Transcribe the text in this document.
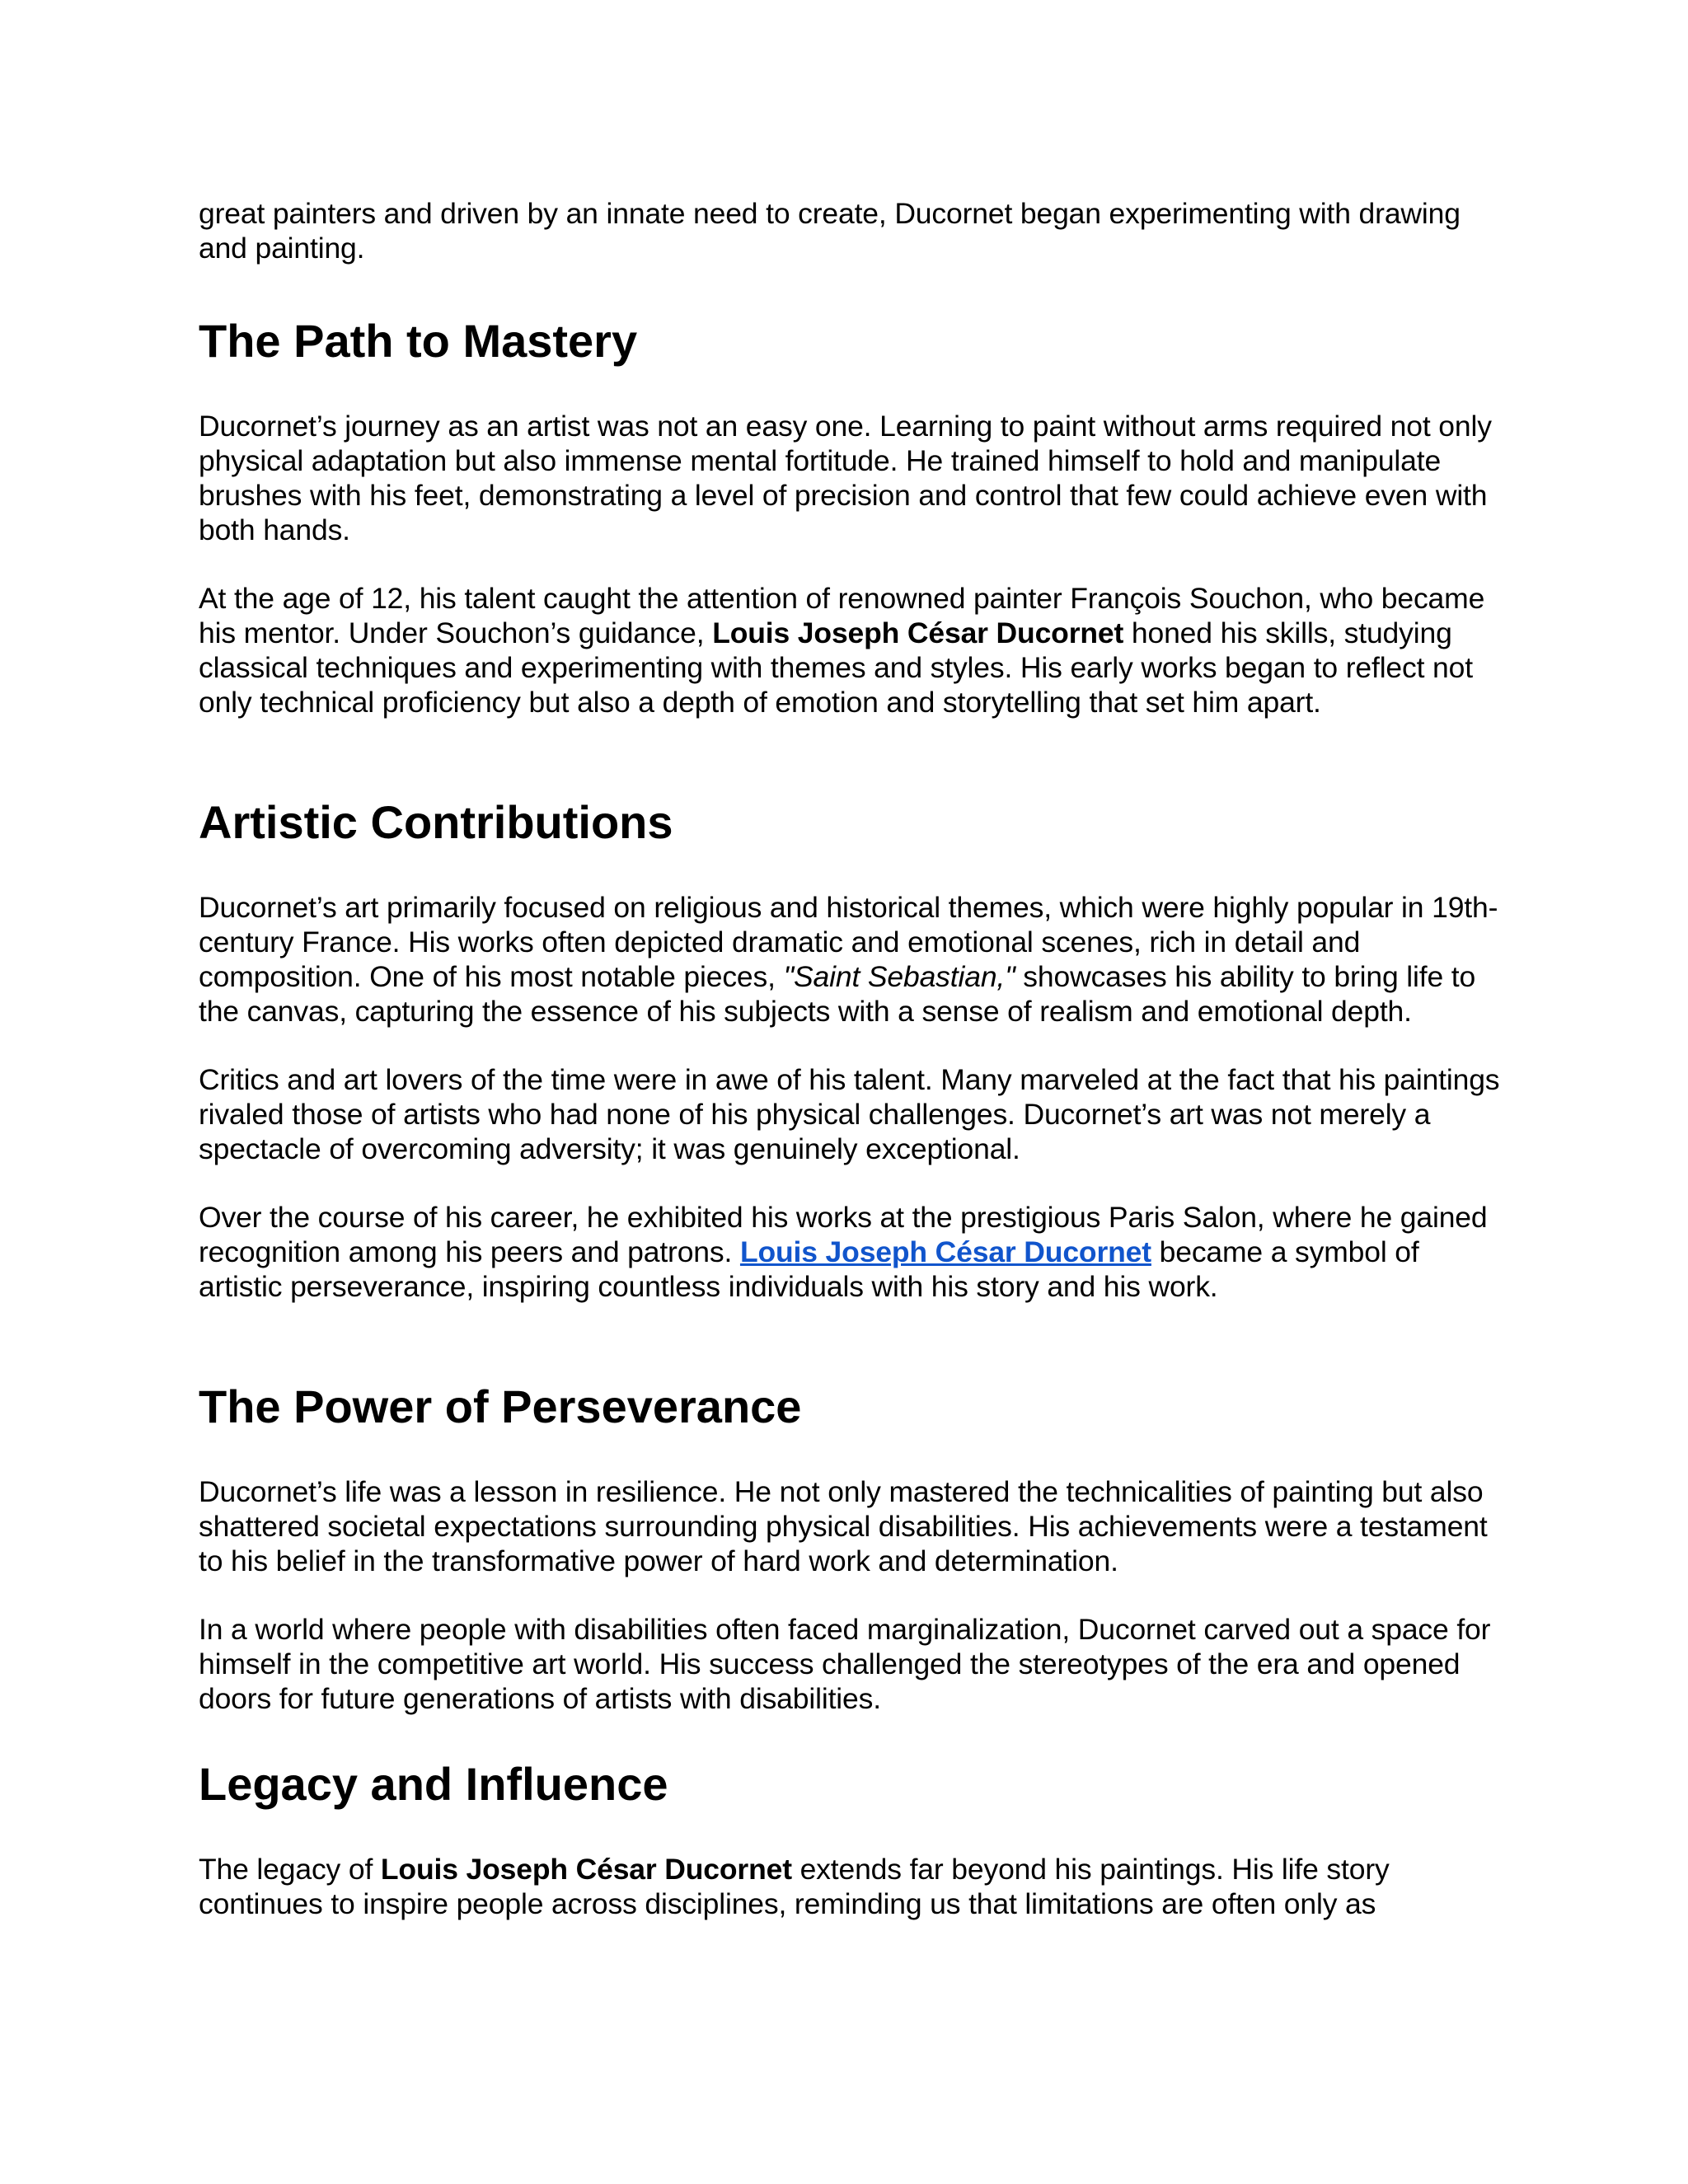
great painters and driven by an innate need to create, Ducornet began experimenting with drawing and painting.

The Path to Mastery

Ducornet’s journey as an artist was not an easy one. Learning to paint without arms required not only physical adaptation but also immense mental fortitude. He trained himself to hold and manipulate brushes with his feet, demonstrating a level of precision and control that few could achieve even with both hands.

At the age of 12, his talent caught the attention of renowned painter François Souchon, who became his mentor. Under Souchon’s guidance, Louis Joseph César Ducornet honed his skills, studying classical techniques and experimenting with themes and styles. His early works began to reflect not only technical proficiency but also a depth of emotion and storytelling that set him apart.

Artistic Contributions

Ducornet’s art primarily focused on religious and historical themes, which were highly popular in 19th-century France. His works often depicted dramatic and emotional scenes, rich in detail and composition. One of his most notable pieces, "Saint Sebastian," showcases his ability to bring life to the canvas, capturing the essence of his subjects with a sense of realism and emotional depth.

Critics and art lovers of the time were in awe of his talent. Many marveled at the fact that his paintings rivaled those of artists who had none of his physical challenges. Ducornet’s art was not merely a spectacle of overcoming adversity; it was genuinely exceptional.

Over the course of his career, he exhibited his works at the prestigious Paris Salon, where he gained recognition among his peers and patrons. Louis Joseph César Ducornet became a symbol of artistic perseverance, inspiring countless individuals with his story and his work.

The Power of Perseverance

Ducornet’s life was a lesson in resilience. He not only mastered the technicalities of painting but also shattered societal expectations surrounding physical disabilities. His achievements were a testament to his belief in the transformative power of hard work and determination.

In a world where people with disabilities often faced marginalization, Ducornet carved out a space for himself in the competitive art world. His success challenged the stereotypes of the era and opened doors for future generations of artists with disabilities.

Legacy and Influence

The legacy of Louis Joseph César Ducornet extends far beyond his paintings. His life story continues to inspire people across disciplines, reminding us that limitations are often only as
